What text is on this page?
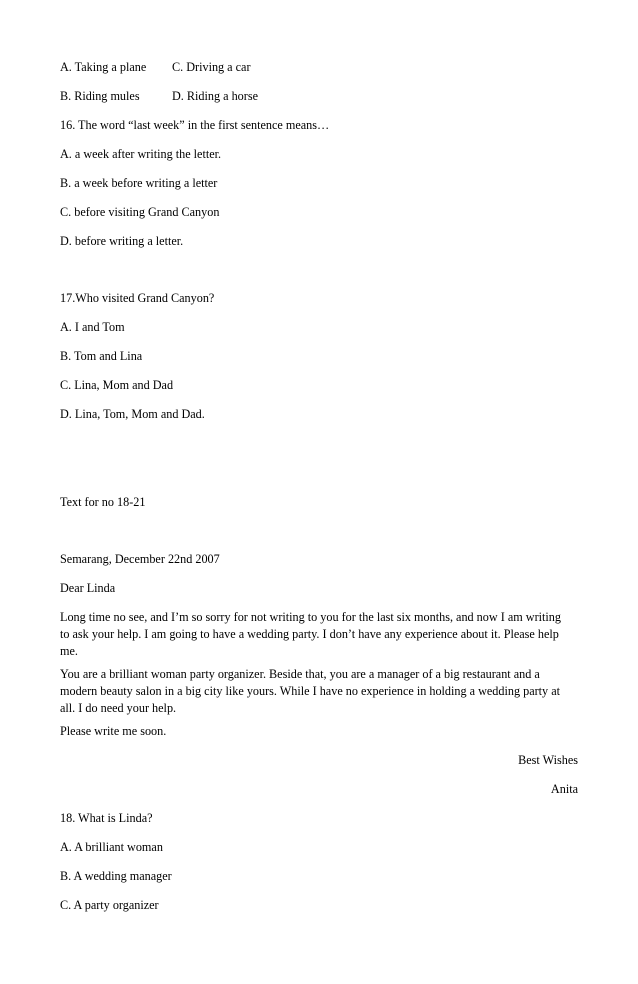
A. Taking a plane C. Driving a car
B. Riding mules	D. Riding a horse
16. The word “last week” in the first sentence means…
A. a week after writing the letter.
B. a week before writing a letter
C. before visiting Grand Canyon
D. before writing a letter.
17.Who visited Grand Canyon?
A. I and Tom
B. Tom and Lina
C. Lina, Mom and Dad
D. Lina, Tom, Mom and Dad.
Text for no 18-21
Semarang, December 22nd 2007
Dear Linda
Long time no see, and I’m so sorry for not writing to you for the last six months, and now I am writing
to ask your help. I am going to have a wedding party. I don’t have any experience about it. Please help
me.
You are a brilliant woman party organizer. Beside that, you are a manager of a big restaurant and a
modern beauty salon in a big city like yours. While I have no experience in holding a wedding party at
all. I do need your help.
Please write me soon.
Best Wishes
Anita
18. What is Linda?
A. A brilliant woman
B. A wedding manager
C. A party organizer
